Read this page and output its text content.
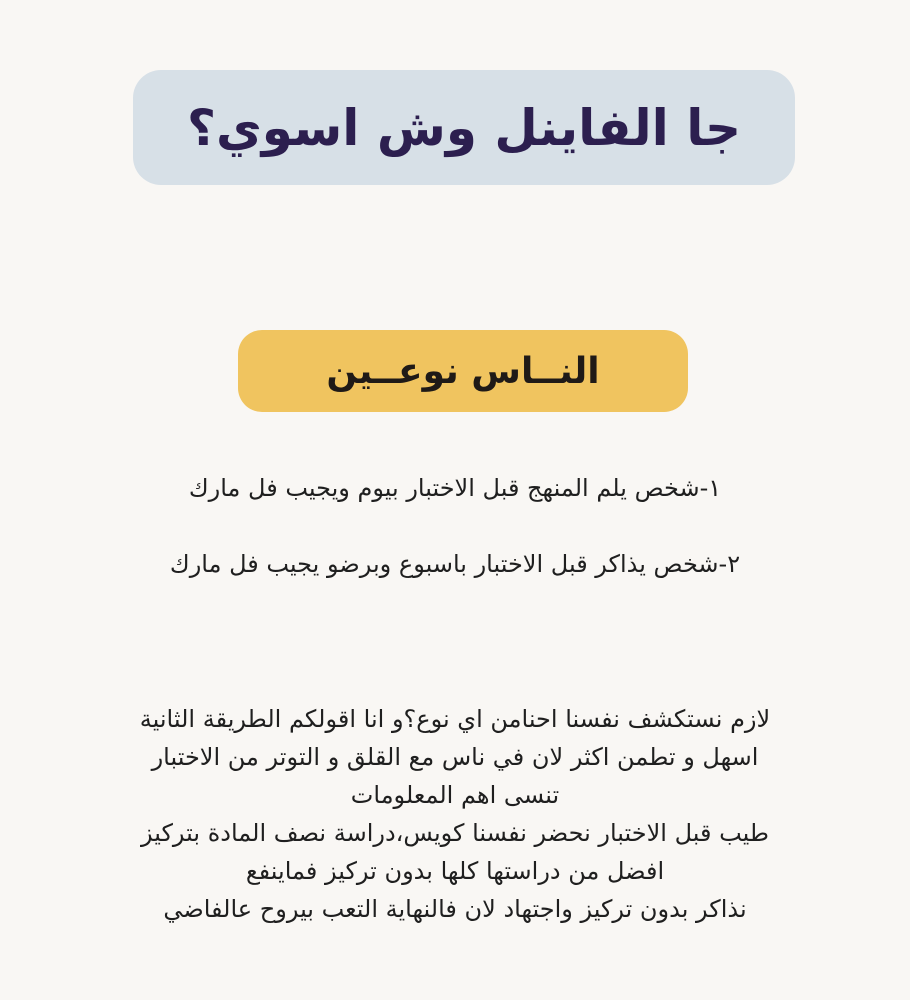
جا الفاينل وش اسوي؟
النــاس نوعــين

١-شخص يلم المنهج قبل الاختبار بيوم ويجيب فل مارك

٢-شخص يذاكر قبل الاختبار باسبوع وبرضو يجيب فل مارك

لازم نستكشف نفسنا احنامن اي نوع؟و انا اقولكم الطريقة الثانية
اسهل و تطمن اكثر لان في ناس مع القلق و التوتر من الاختبار
تنسى اهم المعلومات
طيب قبل الاختبار نحضر نفسنا كويس،دراسة نصف المادة بتركيز
افضل من دراستها كلها بدون تركيز فماينفع
نذاكر بدون تركيز واجتهاد لان فالنهاية التعب بيروح عالفاضي
